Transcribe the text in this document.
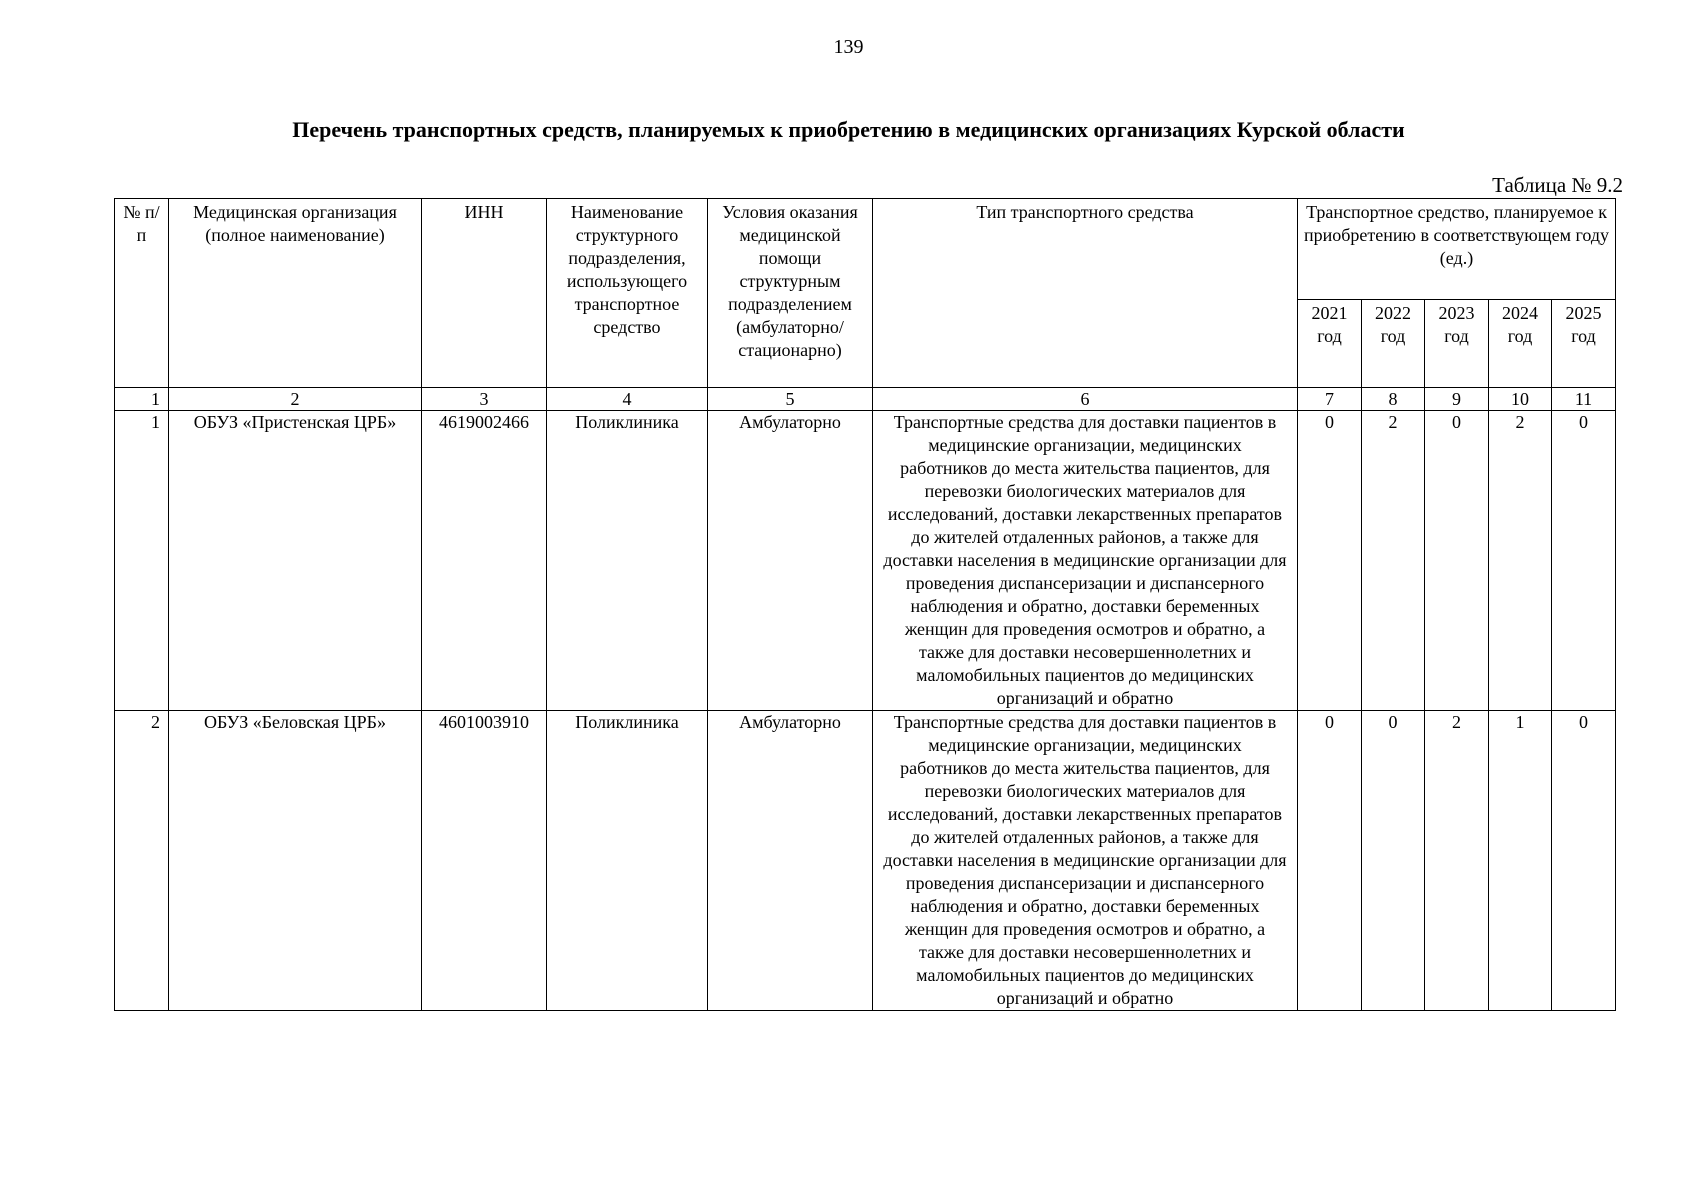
139
Перечень транспортных средств, планируемых к приобретению в медицинских организациях Курской области
Таблица № 9.2
№ п/п	Медицинская организация (полное наименование)	ИНН	Наименование структурного подразделения, использующего транспортное средство	Условия оказания медицинской помощи структурным подразделением (амбулаторно/ стационарно)	Тип транспортного средства	Транспортное средство, планируемое к приобретению в соответствующем году (ед.)				
						2021 год	2022 год	2023 год	2024 год	2025 год
1	2	3	4	5	6	7	8	9	10	11
1	ОБУЗ «Пристенская ЦРБ»	4619002466	Поликлиника	Амбулаторно	Транспортные средства для доставки пациентов в медицинские организации, медицинских работников до места жительства пациентов, для перевозки биологических материалов для исследований, доставки лекарственных препаратов до жителей отдаленных районов, а также для доставки населения в медицинские организации для проведения диспансеризации и диспансерного наблюдения и обратно, доставки беременных женщин для проведения осмотров и обратно, а также для доставки несовершеннолетних и маломобильных пациентов до медицинских организаций и обратно	0	2	0	2	0
2	ОБУЗ «Беловская ЦРБ»	4601003910	Поликлиника	Амбулаторно	Транспортные средства для доставки пациентов в медицинские организации, медицинских работников до места жительства пациентов, для перевозки биологических материалов для исследований, доставки лекарственных препаратов до жителей отдаленных районов, а также для доставки населения в медицинские организации для проведения диспансеризации и диспансерного наблюдения и обратно, доставки беременных женщин для проведения осмотров и обратно, а также для доставки несовершеннолетних и маломобильных пациентов до медицинских организаций и обратно	0	0	2	1	0
